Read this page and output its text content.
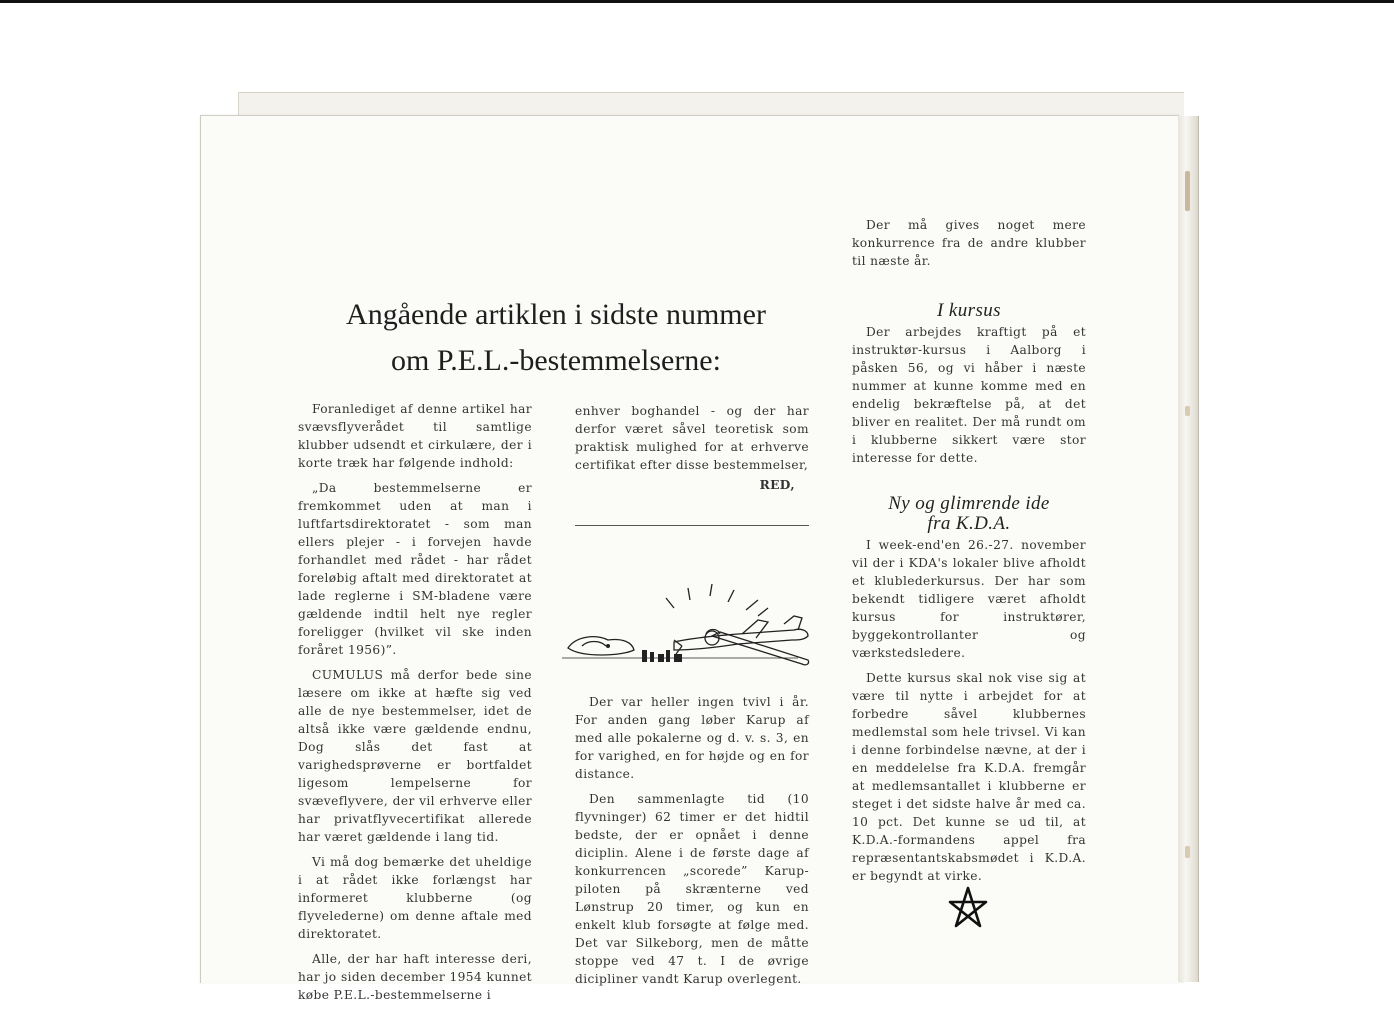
Angående artiklen i sidste nummer
om P.E.L.-bestemmelserne:

Foranlediget af denne artikel har svævsflyverådet til samtlige klubber udsendt et cirkulære, der i korte træk har følgende indhold:

„Da bestemmelserne er fremkommet uden at man i luftfartsdirektoratet - som man ellers plejer - i forvejen havde forhandlet med rådet - har rådet foreløbig aftalt med direktoratet at lade reglerne i SM-bladene være gældende indtil helt nye regler foreligger (hvilket vil ske inden foråret 1956)”.

CUMULUS må derfor bede sine læsere om ikke at hæfte sig ved alle de nye bestemmelser, idet de altså ikke være gældende endnu, Dog slås det fast at varighedsprøverne er bortfaldet ligesom lempelserne for svæveflyvere, der vil erhverve eller har privatflyvecertifikat allerede har været gældende i lang tid.

Vi må dog bemærke det uheldige i at rådet ikke forlængst har informeret klubberne (og flyvelederne) om denne aftale med direktoratet.

Alle, der har haft interesse deri, har jo siden december 1954 kunnet købe P.E.L.-bestemmelserne i

enhver boghandel - og der har derfor været såvel teoretisk som praktisk mulighed for at erhverve certifikat efter disse bestemmelser,

RED,

Der var heller ingen tvivl i år. For anden gang løber Karup af med alle pokalerne og d. v. s. 3, en for varighed, en for højde og en for distance.

Den sammenlagte tid (10 flyvninger) 62 timer er det hidtil bedste, der er opnået i denne diciplin. Alene i de første dage af konkurrencen „scorede” Karup-piloten på skrænterne ved Lønstrup 20 timer, og kun en enkelt klub forsøgte at følge med. Det var Silkeborg, men de måtte stoppe ved 47 t. I de øvrige dicipliner vandt Karup overlegent.

Der må gives noget mere konkurrence fra de andre klubber til næste år.

I kursus

Der arbejdes kraftigt på et instruktør-kursus i Aalborg i påsken 56, og vi håber i næste nummer at kunne komme med en endelig bekræftelse på, at det bliver en realitet. Der må rundt om i klubberne sikkert være stor interesse for dette.

Ny og glimrende ide
fra K.D.A.

I week-end'en 26.-27. november vil der i KDA's lokaler blive afholdt et klublederkursus. Der har som bekendt tidligere været afholdt kursus for instruktører, byggekontrollanter og værkstedsledere.

Dette kursus skal nok vise sig at være til nytte i arbejdet for at forbedre såvel klubbernes medlemstal som hele trivsel. Vi kan i denne forbindelse nævne, at der i en meddelelse fra K.D.A. fremgår at medlemsantallet i klubberne er steget i det sidste halve år med ca. 10 pct. Det kunne se ud til, at K.D.A.-formandens appel fra repræsentantskabsmødet i K.D.A. er begyndt at virke.
